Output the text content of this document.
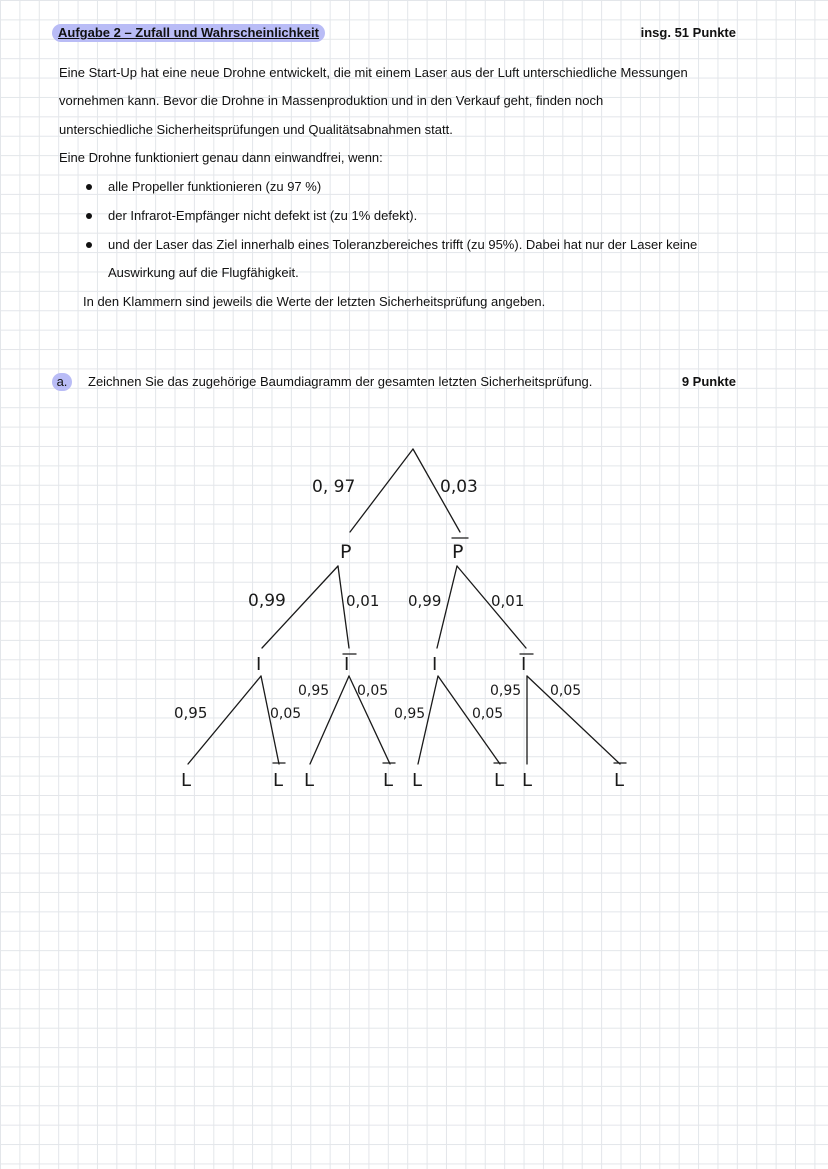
Aufgabe 2 – Zufall und Wahrscheinlichkeit	insg. 51 Punkte
Eine Start-Up hat eine neue Drohne entwickelt, die mit einem Laser aus der Luft unterschiedliche Messungen
vornehmen kann. Bevor die Drohne in Massenproduktion und in den Verkauf geht, finden noch
unterschiedliche Sicherheitsprüfungen und Qualitätsabnahmen statt.
Eine Drohne funktioniert genau dann einwandfrei, wenn:
alle Propeller funktionieren (zu 97 %)
der Infrarot-Empfänger nicht defekt ist (zu 1% defekt).
und der Laser das Ziel innerhalb eines Toleranzbereiches trifft (zu 95%). Dabei hat nur der Laser keine
Auswirkung auf die Flugfähigkeit.
In den Klammern sind jeweils die Werte der letzten Sicherheitsprüfung angeben.
a.	Zeichnen Sie das zugehörige Baumdiagramm der gesamten letzten Sicherheitsprüfung.	9 Punkte
0, 97	0,03
P	P
0,99	0,01 0,99	0,01
I	I	I	I
0,95	0,05
0,95 0,05
0,95	0,05
0,95 0,05
L	L L	L L	L L	L
